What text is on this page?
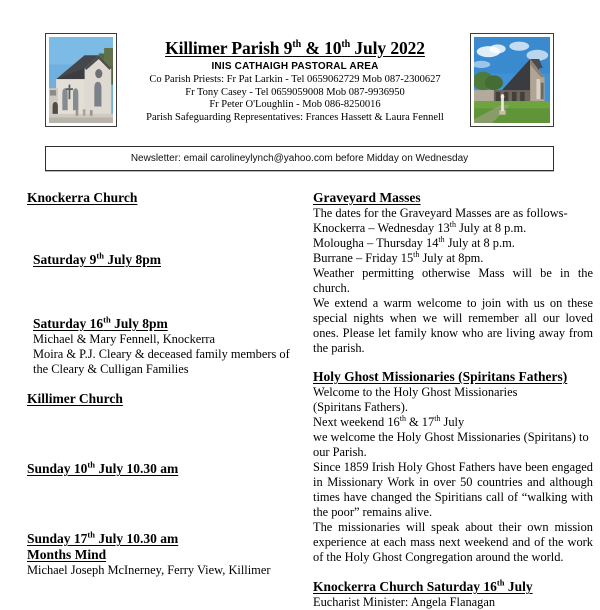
Killimer Parish 9th & 10th July 2022
INIS CATHAIGH PASTORAL AREA
Co Parish Priests: Fr Pat Larkin - Tel 0659062729 Mob 087-2300627
Fr Tony Casey - Tel 0659059008 Mob 087-9936950
Fr Peter O'Loughlin - Mob 086-8250016
Parish Safeguarding Representatives: Frances Hassett & Laura Fennell
Newsletter: email carolineylynch@yahoo.com before Midday on Wednesday
Knockerra Church
Saturday 9th July 8pm
Saturday 16th July 8pm
Michael & Mary Fennell, Knockerra
Moira & P.J. Cleary & deceased family members of
the Cleary & Culligan Families
Killimer Church
Sunday 10th July 10.30 am
Sunday 17th July 10.30 am
Months Mind
Michael Joseph McInerney, Ferry View, Killimer
Graveyard Masses
The dates for the Graveyard Masses are as follows-
Knockerra – Wednesday 13th July at 8 p.m.
Molougha – Thursday 14th July at 8 p.m.
Burrane – Friday 15th July at 8pm.
Weather permitting otherwise Mass will be in the church.
We extend a warm welcome to join with us on these special nights when we will remember all our loved ones. Please let family know who are living away from the parish.
Holy Ghost Missionaries (Spiritans Fathers)
Welcome to the Holy Ghost Missionaries
(Spiritans Fathers).
Next weekend 16th & 17th July
we welcome the Holy Ghost Missionaries (Spiritans) to
our Parish.
Since 1859 Irish Holy Ghost Fathers have been engaged in Missionary Work in over 50 countries and although times have changed the Spiritians call of “walking with the poor” remains alive.
The missionaries will speak about their own mission experience at each mass next weekend and of the work of the Holy Ghost Congregation around the world.
Knockerra Church Saturday 16th July
Eucharist Minister: Angela Flanagan
